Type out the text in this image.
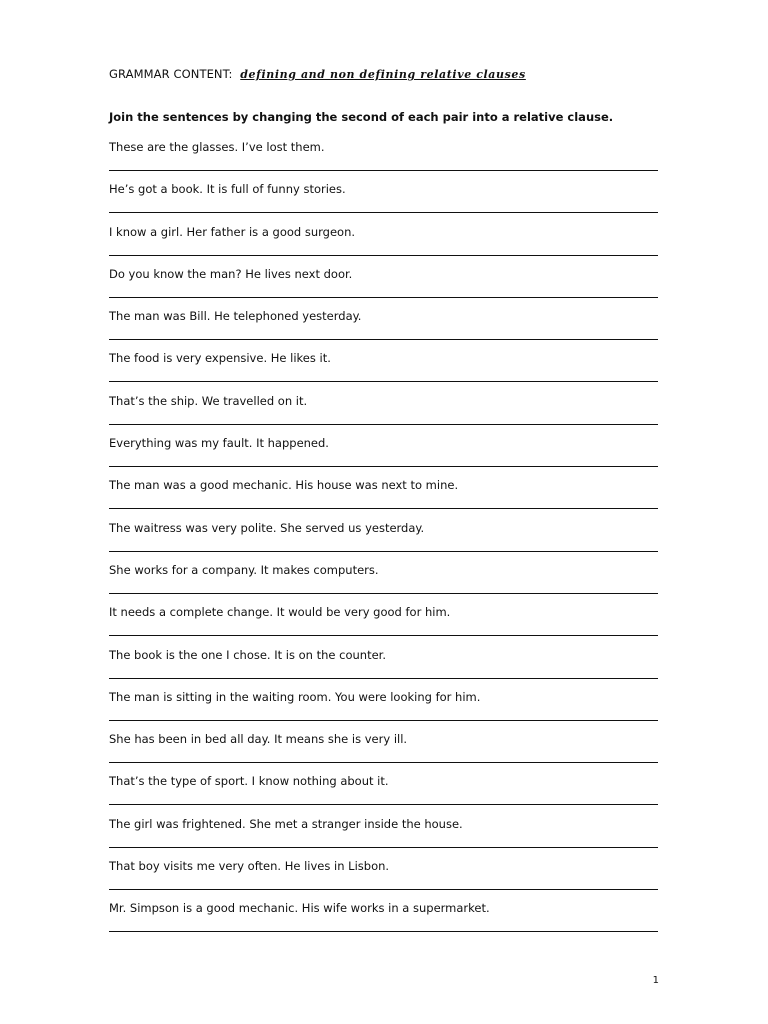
GRAMMAR CONTENT: defining and non defining relative clauses
Join the sentences by changing the second of each pair into a relative clause.
These are the glasses. I’ve lost them.
He’s got a book. It is full of funny stories.
I know a girl. Her father is a good surgeon.
Do you know the man? He lives next door.
The man was Bill. He telephoned yesterday.
The food is very expensive. He likes it.
That’s the ship. We travelled on it.
Everything was my fault. It happened.
The man was a good mechanic. His house was next to mine.
The waitress was very polite. She served us yesterday.
She works for a company. It makes computers.
It needs a complete change. It would be very good for him.
The book is the one I chose. It is on the counter.
The man is sitting in the waiting room. You were looking for him.
She has been in bed all day. It means she is very ill.
That’s the type of sport. I know nothing about it.
The girl was frightened. She met a stranger inside the house.
That boy visits me very often. He lives in Lisbon.
Mr. Simpson is a good mechanic. His wife works in a supermarket.
1
